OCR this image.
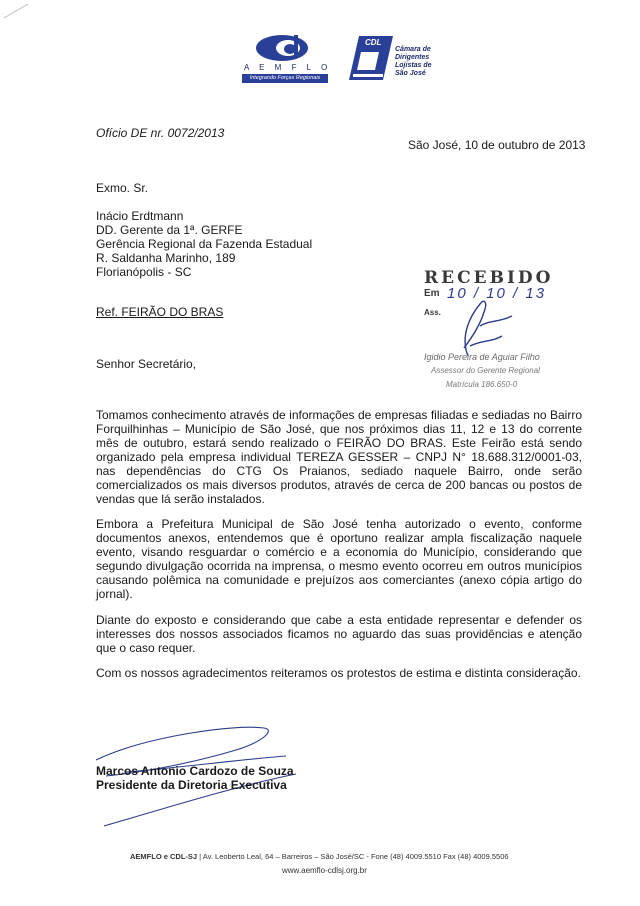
A E M F L O
Integrando Forças Regionais
CDL
Câmara de
Dirigentes
Lojistas de
São José
Ofício DE nr. 0072/2013
São José, 10 de outubro de 2013
Exmo. Sr.
Inácio Erdtmann
DD. Gerente da 1ª. GERFE
Gerência Regional da Fazenda Estadual
R. Saldanha Marinho, 189
Florianópolis - SC
Ref. FEIRÃO DO BRAS
Senhor Secretário,
RECEBIDO
Em 10 / 10 / 13
Ass.
Igidio Pereira de Aguiar Filho
Assessor do Gerente Regional
Matrícula 186.650-0

Tomamos conhecimento através de informações de empresas filiadas e sediadas no Bairro Forquilhinhas – Município de São José, que nos próximos dias 11, 12 e 13 do corrente mês de outubro, estará sendo realizado o FEIRÃO DO BRAS. Este Feirão está sendo organizado pela empresa individual TEREZA GESSER – CNPJ N° 18.688.312/0001-03, nas dependências do CTG Os Praianos, sediado naquele Bairro, onde serão comercializados os mais diversos produtos, através de cerca de 200 bancas ou postos de vendas que lá serão instalados.

Embora a Prefeitura Municipal de São José tenha autorizado o evento, conforme documentos anexos, entendemos que é oportuno realizar ampla fiscalização naquele evento, visando resguardar o comércio e a economia do Município, considerando que segundo divulgação ocorrida na imprensa, o mesmo evento ocorreu em outros municípios causando polêmica na comunidade e prejuízos aos comerciantes (anexo cópia artigo do jornal).

Diante do exposto e considerando que cabe a esta entidade representar e defender os interesses dos nossos associados ficamos no aguardo das suas providências e atenção que o caso requer.

Com os nossos agradecimentos reiteramos os protestos de estima e distinta consideração.

Marcos Antonio Cardozo de Souza
Presidente da Diretoria Executiva
AEMFLO e CDL-SJ | Av. Leoberto Leal, 64 – Barreiros – São José/SC - Fone (48) 4009.5510 Fax (48) 4009.5506
www.aemflo-cdlsj.org.br
